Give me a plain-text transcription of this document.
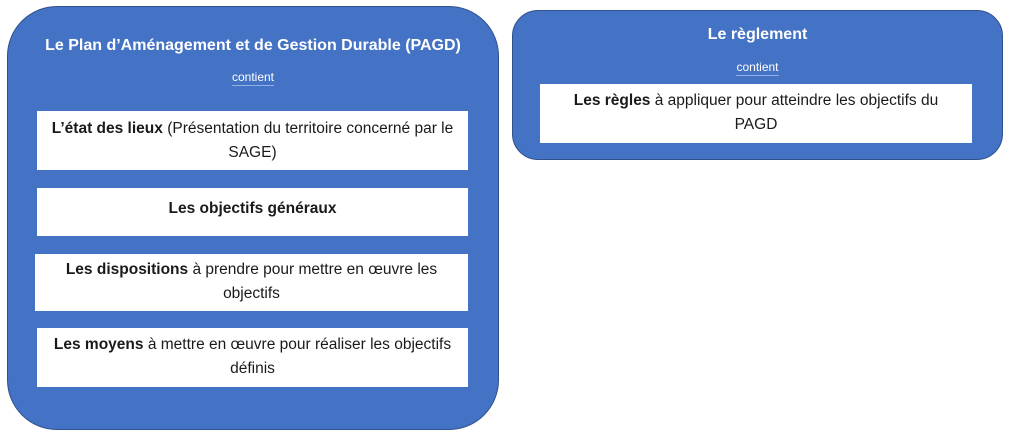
Le Plan d’Aménagement et de Gestion Durable (PAGD)
contient
L’état des lieux (Présentation du territoire concerné par le SAGE)
Les objectifs généraux
Les dispositions à prendre pour mettre en œuvre les objectifs
Les moyens à mettre en œuvre pour réaliser les objectifs définis
Le règlement
contient
Les règles à appliquer pour atteindre les objectifs du PAGD
